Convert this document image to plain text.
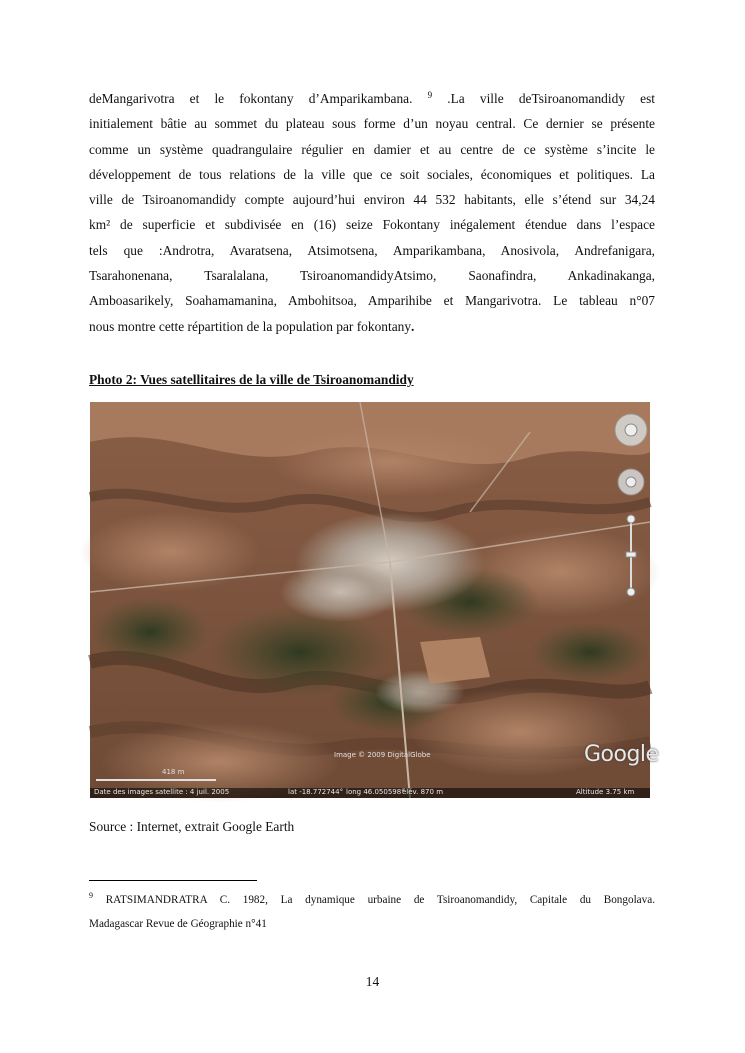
deMangarivotra et le fokontany d’Amparikambana. $^9$ .La ville deTsiroanomandidy est
initialement bâtie au sommet du plateau sous forme d’un noyau central. Ce dernier se présente
comme un système quadrangulaire régulier en damier et au centre de ce système s’incite le
développement de tous relations de la ville que ce soit sociales, économiques et politiques. La
ville de Tsiroanomandidy compte aujourd’hui environ 44 532 habitants, elle s’étend sur 34,24
km² de superficie et subdivisée en (16) seize Fokontany inégalement étendue dans l’espace
tels que :Androtra, Avaratsena, Atsimotsena, Amparikambana, Anosivola, Andrefanigara,
Tsarahonenana, Tsaralalana, TsiroanomandidyAtsimo, Saonafindra, Ankadinakanga,
Amboasarikely, Soahamamanina, Ambohitsoa, Amparihibe et Mangarivotra. Le tableau n°07
nous montre cette répartition de la population par fokontany.

Photo 2: Vues satellitaires de la ville de Tsiroanomandidy
Google
Image © 2009 DigitalGlobe
418 m
Date des images satellite : 4 juil. 2005	lat -18.772744° long 46.050598°
élév. 870 m	Altitude 3.75 km
Source : Internet, extrait Google Earth
$^9$ RATSIMANDRATRA C. 1982, La dynamique urbaine de Tsiroanomandidy, Capitale du Bongolava.
Madagascar Revue de Géographie n°41
14
